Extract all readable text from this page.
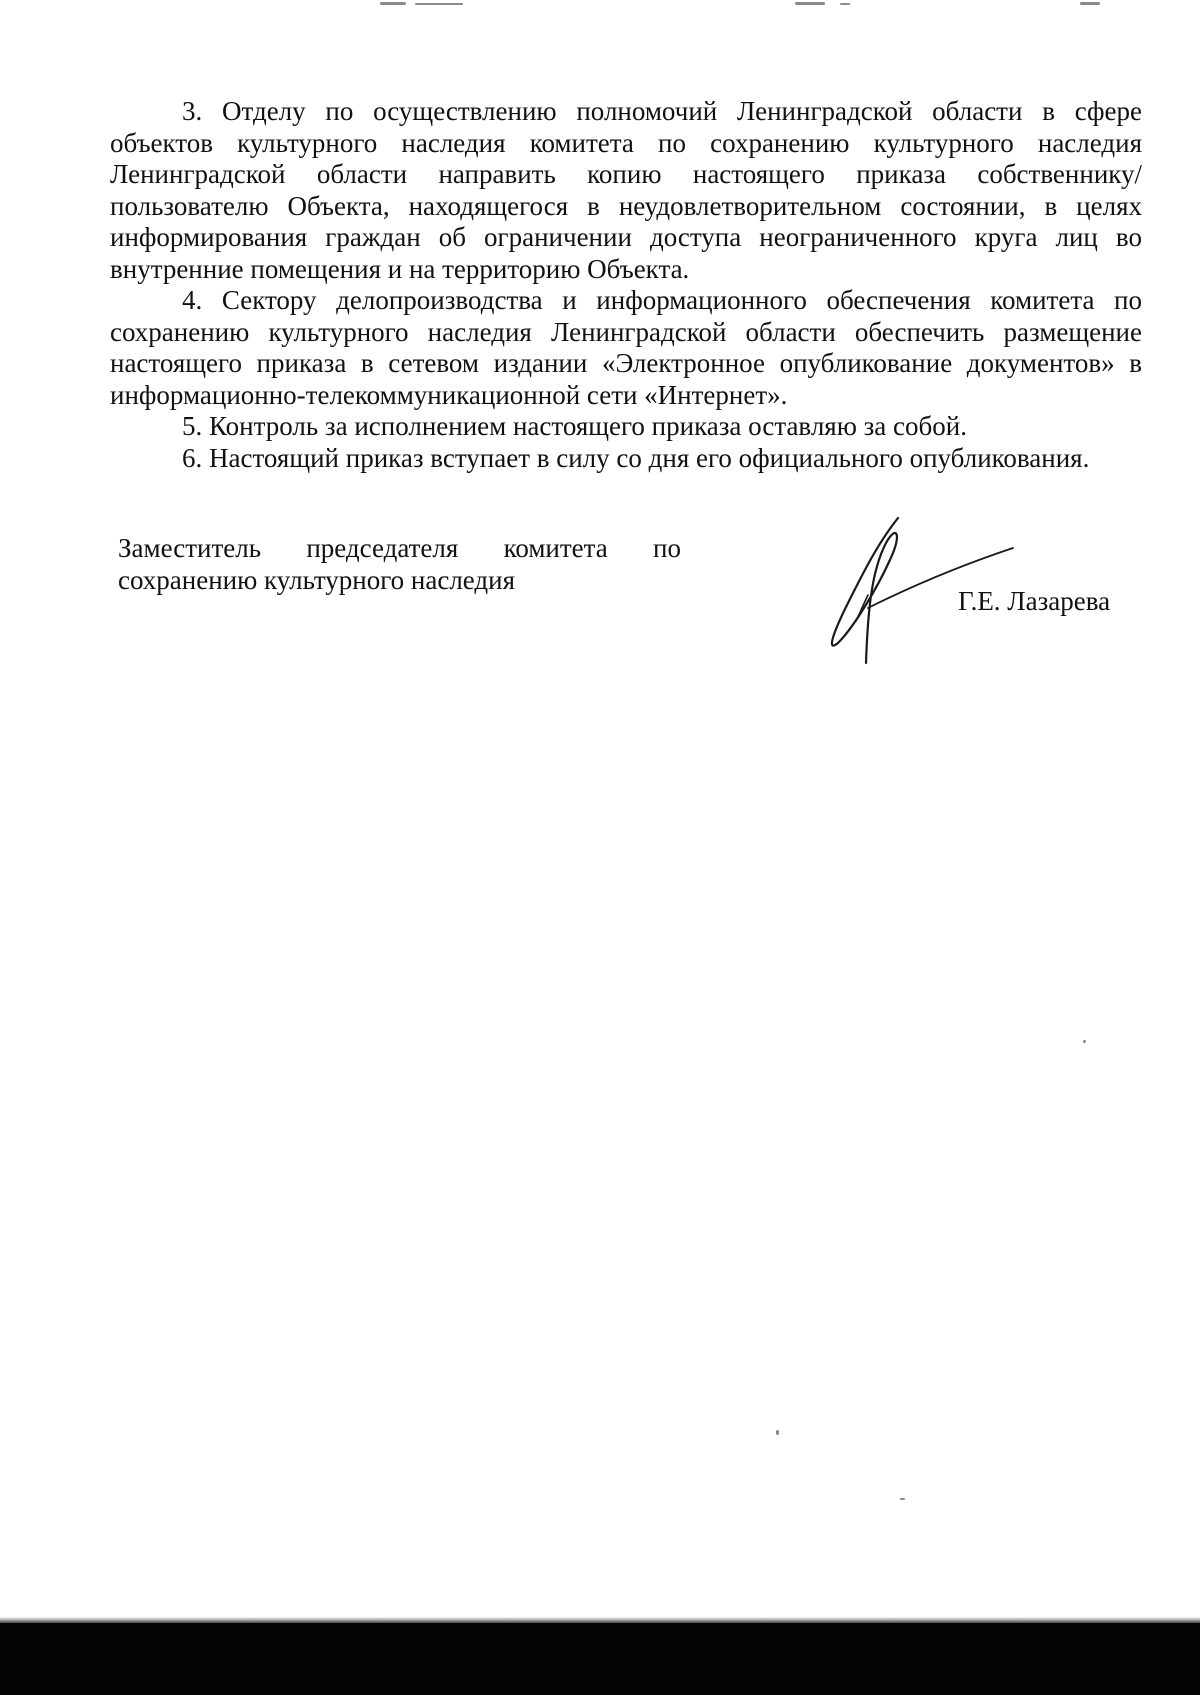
3. Отделу по осуществлению полномочий Ленинградской области в сфере объектов культурного наследия комитета по сохранению культурного наследия Ленинградской области направить копию настоящего приказа собственнику/пользователю Объекта, находящегося в неудовлетворительном состоянии, в целях информирования граждан об ограничении доступа неограниченного круга лиц во внутренние помещения и на территорию Объекта.

4. Сектору делопроизводства и информационного обеспечения комитета по сохранению культурного наследия Ленинградской области обеспечить размещение настоящего приказа в сетевом издании «Электронное опубликование документов» в информационно-телекоммуникационной сети «Интернет».

5. Контроль за исполнением настоящего приказа оставляю за собой.

6. Настоящий приказ вступает в силу со дня его официального опубликования.

Заместитель председателя комитета по
сохранению культурного наследия
Г.Е. Лазарева
